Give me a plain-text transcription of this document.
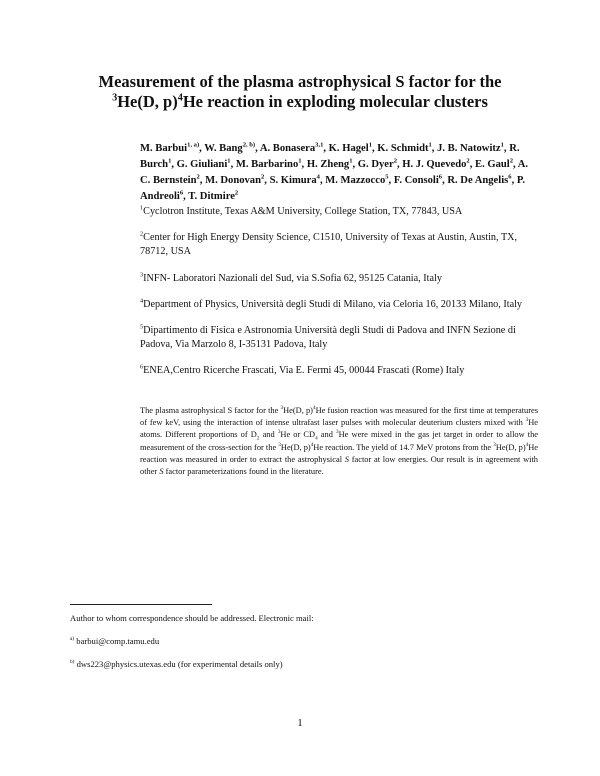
Measurement of the plasma astrophysical S factor for the
$^3$He(D, p)$^4$He reaction in exploding molecular clusters
M. Barbui$^{1, a)}$, W. Bang$^{2, b)}$, A. Bonasera$^{3,1}$, K. Hagel$^1$, K. Schmidt$^1$, J. B. Natowitz$^1$, R. Burch$^1$, G. Giuliani$^1$, M. Barbarino$^1$, H. Zheng$^1$, G. Dyer$^2$, H. J. Quevedo$^2$, E. Gaul$^2$, A. C. Bernstein$^2$, M. Donovan$^2$, S. Kimura$^4$, M. Mazzocco$^5$, F. Consoli$^6$, R. De Angelis$^6$, P. Andreoli$^6$, T. Ditmire$^2$
$^1$Cyclotron Institute, Texas A&M University, College Station, TX, 77843, USA
$^2$Center for High Energy Density Science, C1510, University of Texas at Austin, Austin, TX, 78712, USA
$^3$INFN- Laboratori Nazionali del Sud, via S.Sofia 62, 95125 Catania, Italy
$^4$Department of Physics, Università degli Studi di Milano, via Celoria 16, 20133 Milano, Italy
$^5$Dipartimento di Fisica e Astronomia Università degli Studi di Padova and INFN Sezione di Padova, Via Marzolo 8, I-35131 Padova, Italy
$^6$ENEA,Centro Ricerche Frascati, Via E. Fermi 45, 00044 Frascati (Rome) Italy
The plasma astrophysical S factor for the $^3$He(D, p)$^4$He fusion reaction was measured for the first time at temperatures of few keV, using the interaction of intense ultrafast laser pulses with molecular deuterium clusters mixed with $^3$He atoms. Different proportions of $D_2$ and $^3$He or $CD_4$ and $^3$He were mixed in the gas jet target in order to allow the measurement of the cross-section for the $^3$He(D, p)$^4$He reaction. The yield of 14.7 MeV protons from the $^3$He(D, p)$^4$He reaction was measured in order to extract the astrophysical S factor at low energies. Our result is in agreement with other S factor parameterizations found in the literature.
Author to whom correspondence should be addressed. Electronic mail:
$^{a)}$ barbui@comp.tamu.edu
$^{b)}$ dws223@physics.utexas.edu (for experimental details only)
1
